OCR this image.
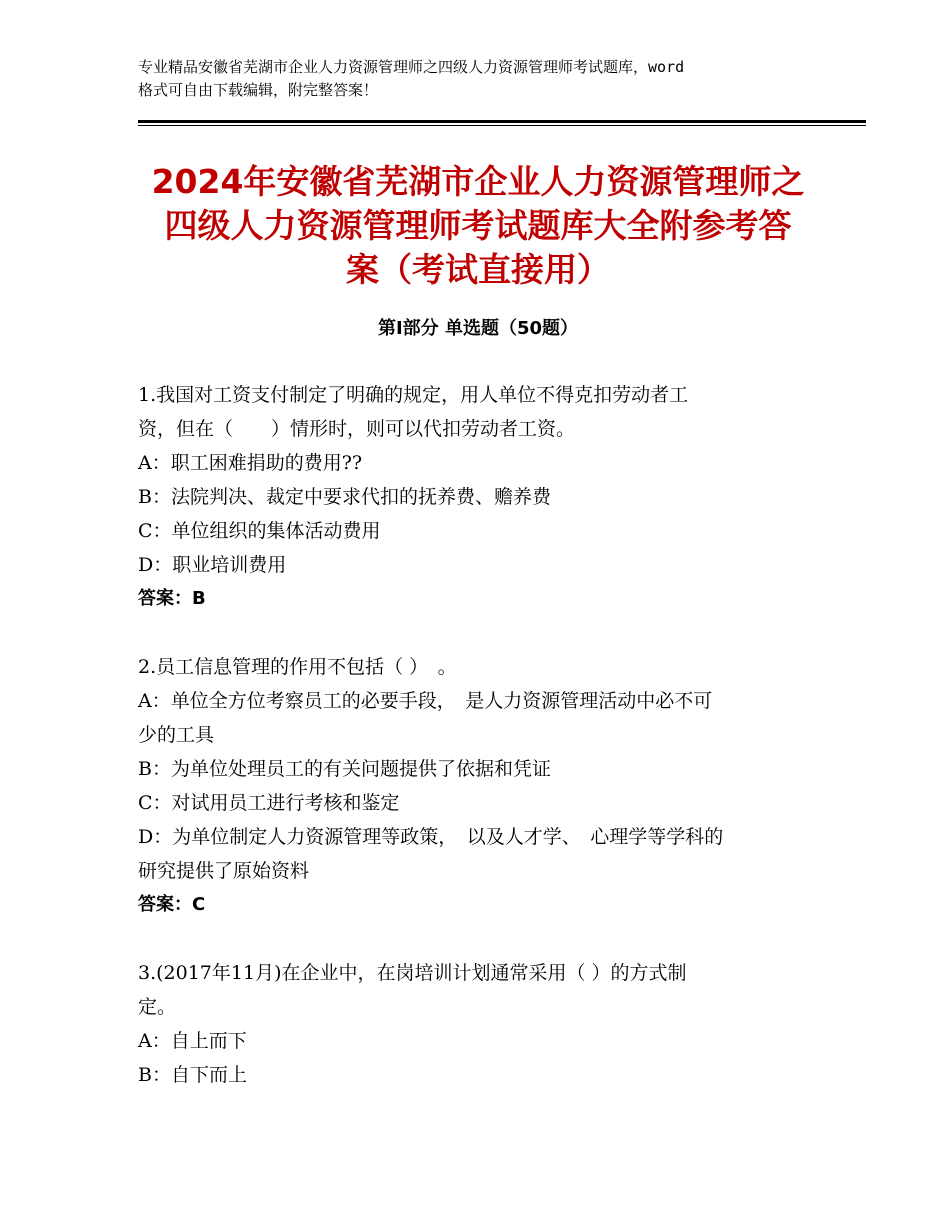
专业精品安徽省芜湖市企业人力资源管理师之四级人力资源管理师考试题库，word
格式可自由下载编辑，附完整答案！
2024年安徽省芜湖市企业人力资源管理师之
四级人力资源管理师考试题库大全附参考答
案（考试直接用）
第Ⅰ部分 单选题（50题）
1.我国对工资支付制定了明确的规定，用人单位不得克扣劳动者工
资，但在（　　）情形时，则可以代扣劳动者工资。
A：职工困难捐助的费用??
B：法院判决、裁定中要求代扣的抚养费、赡养费
C：单位组织的集体活动费用
D：职业培训费用
答案：B
2.员工信息管理的作用不包括（ ）　。
A：单位全方位考察员工的必要手段，　是人力资源管理活动中必不可
少的工具
B：为单位处理员工的有关问题提供了依据和凭证
C：对试用员工进行考核和鉴定
D：为单位制定人力资源管理等政策，　以及人才学、　心理学等学科的
研究提供了原始资料
答案：C
3.(2017年11月)在企业中，在岗培训计划通常采用（ ）的方式制
定。
A：自上而下
B：自下而上
